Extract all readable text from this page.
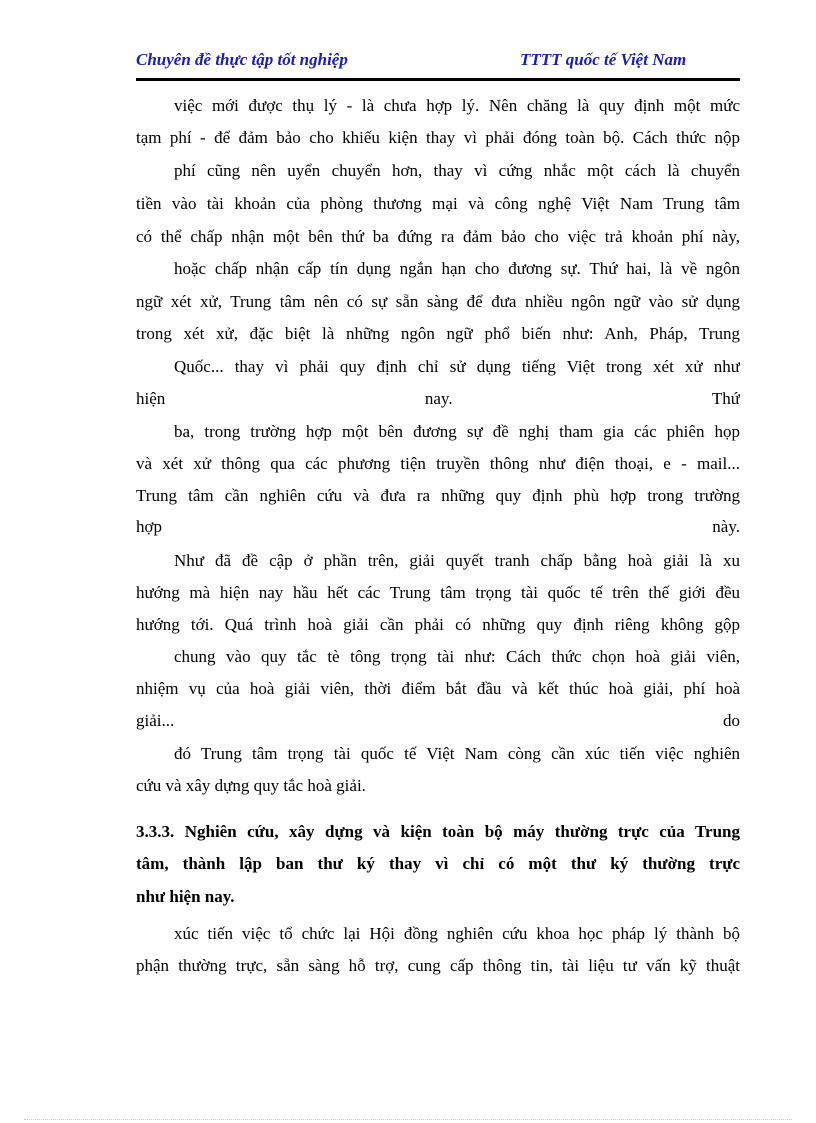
Chuyên đề thực tập tốt nghiệp	TTTT quốc tế Việt Nam
việc mới được thụ lý - là chưa hợp lý. Nên chăng là quy định một mức
tạm phí - để đảm bảo cho khiếu kiện thay vì phải đóng toàn bộ. Cách thức nộp
phí cũng nên uyển chuyển hơn, thay vì cứng nhắc một cách là chuyển
tiền vào tài khoản của phòng thương mại và công nghệ Việt Nam Trung tâm
có thể chấp nhận một bên thứ ba đứng ra đảm bảo cho việc trả khoản phí này,
hoặc chấp nhận cấp tín dụng ngắn hạn cho đương sự. Thứ hai, là về ngôn
ngữ xét xử, Trung tâm nên có sự sẵn sàng để đưa nhiều ngôn ngữ vào sử dụng
trong xét xử, đặc biệt là những ngôn ngữ phổ biến như: Anh, Pháp, Trung
Quốc... thay vì phải quy định chỉ sử dụng tiếng Việt trong xét xử như
hiện nay. Thứ
ba, trong trường hợp một bên đương sự đề nghị tham gia các phiên họp
và xét xử thông qua các phương tiện truyền thông như điện thoại, e - mail...
Trung tâm cần nghiên cứu và đưa ra những quy định phù hợp trong trường
hợp này.
Như đã đề cập ở phần trên, giải quyết tranh chấp bằng hoà giải là xu
hướng mà hiện nay hầu hết các Trung tâm trọng tài quốc tế trên thế giới đều
hướng tới. Quá trình hoà giải cần phải có những quy định riêng không gộp
chung vào quy tắc tè tông trọng tài như: Cách thức chọn hoà giải viên,
nhiệm vụ của hoà giải viên, thời điểm bắt đầu và kết thúc hoà giải, phí hoà
giải... do
đó Trung tâm trọng tài quốc tế Việt Nam còng cần xúc tiến việc nghiên
cứu và xây dựng quy tắc hoà giải.
3.3.3. Nghiên cứu, xây dựng và kiện toàn bộ máy thường trực của Trung
tâm, thành lập ban thư ký thay vì chỉ có một thư ký thường trực
như hiện nay.
xúc tiến việc tổ chức lại Hội đồng nghiên cứu khoa học pháp lý thành bộ
phận thường trực, sẵn sàng hỗ trợ, cung cấp thông tin, tài liệu tư vấn kỹ thuật
